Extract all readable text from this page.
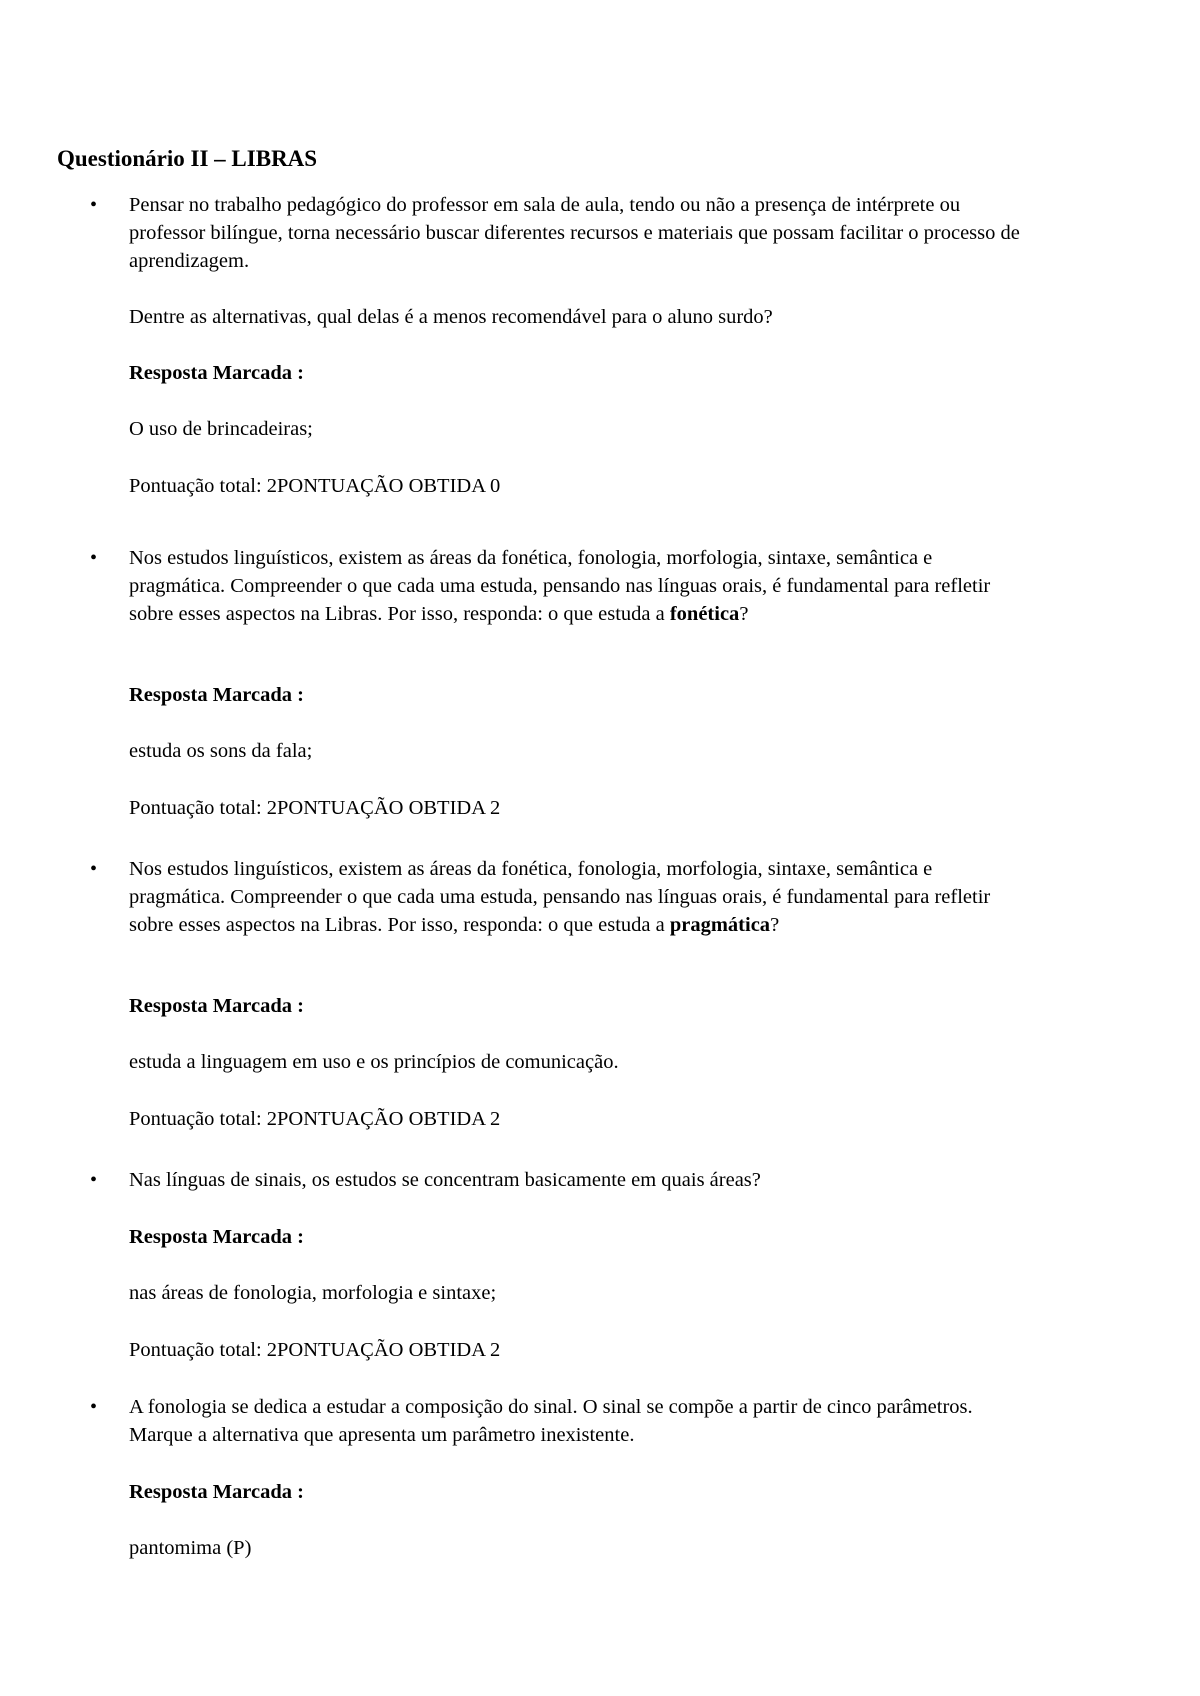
Questionário II – LIBRAS
• Pensar no trabalho pedagógico do professor em sala de aula, tendo ou não a presença de intérprete ou professor bilíngue, torna necessário buscar diferentes recursos e materiais que possam facilitar o processo de aprendizagem.

Dentre as alternativas, qual delas é a menos recomendável para o aluno surdo?

Resposta Marcada :

O uso de brincadeiras;

Pontuação total: 2PONTUAÇÃO OBTIDA 0

• Nos estudos linguísticos, existem as áreas da fonética, fonologia, morfologia, sintaxe, semântica e pragmática. Compreender o que cada uma estuda, pensando nas línguas orais, é fundamental para refletir sobre esses aspectos na Libras. Por isso, responda: o que estuda a fonética?

Resposta Marcada :

estuda os sons da fala;

Pontuação total: 2PONTUAÇÃO OBTIDA 2

• Nos estudos linguísticos, existem as áreas da fonética, fonologia, morfologia, sintaxe, semântica e pragmática. Compreender o que cada uma estuda, pensando nas línguas orais, é fundamental para refletir sobre esses aspectos na Libras. Por isso, responda: o que estuda a pragmática?

Resposta Marcada :

estuda a linguagem em uso e os princípios de comunicação.

Pontuação total: 2PONTUAÇÃO OBTIDA 2

• Nas línguas de sinais, os estudos se concentram basicamente em quais áreas?

Resposta Marcada :

nas áreas de fonologia, morfologia e sintaxe;

Pontuação total: 2PONTUAÇÃO OBTIDA 2

• A fonologia se dedica a estudar a composição do sinal. O sinal se compõe a partir de cinco parâmetros. Marque a alternativa que apresenta um parâmetro inexistente.

Resposta Marcada :

pantomima (P)
